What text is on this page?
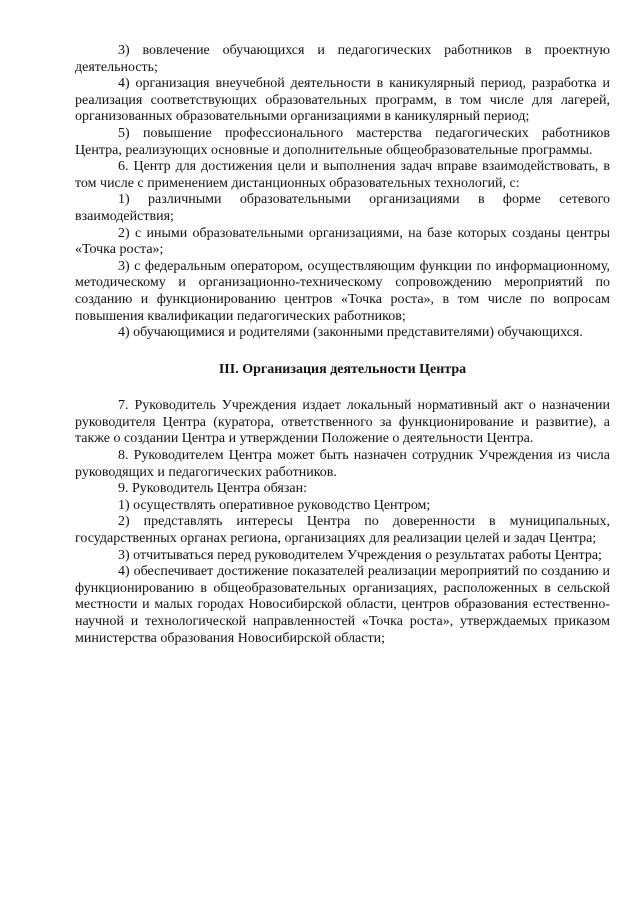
3) вовлечение обучающихся и педагогических работников в проектную деятельность;

4) организация внеучебной деятельности в каникулярный период, разработка и реализация соответствующих образовательных программ, в том числе для лагерей, организованных образовательными организациями в каникулярный период;

5) повышение профессионального мастерства педагогических работников Центра, реализующих основные и дополнительные общеобразовательные программы.

6. Центр для достижения цели и выполнения задач вправе взаимодействовать, в том числе с применением дистанционных образовательных технологий, с:

1) различными образовательными организациями в форме сетевого взаимодействия;

2) с иными образовательными организациями, на базе которых созданы центры «Точка роста»;

3) с федеральным оператором, осуществляющим функции по информационному, методическому и организационно-техническому сопровождению мероприятий по созданию и функционированию центров «Точка роста», в том числе по вопросам повышения квалификации педагогических работников;

4) обучающимися и родителями (законными представителями) обучающихся.

III. Организация деятельности Центра

7. Руководитель Учреждения издает локальный нормативный акт о назначении руководителя Центра (куратора, ответственного за функционирование и развитие), а также о создании Центра и утверждении Положение о деятельности Центра.

8. Руководителем Центра может быть назначен сотрудник Учреждения из числа руководящих и педагогических работников.

9. Руководитель Центра обязан:

1) осуществлять оперативное руководство Центром;

2) представлять интересы Центра по доверенности в муниципальных, государственных органах региона, организациях для реализации целей и задач Центра;

3) отчитываться перед руководителем Учреждения о результатах работы Центра;

4) обеспечивает достижение показателей реализации мероприятий по созданию и функционированию в общеобразовательных организациях, расположенных в сельской местности и малых городах Новосибирской области, центров образования естественно-научной и технологической направленностей «Точка роста», утверждаемых приказом министерства образования Новосибирской области;
